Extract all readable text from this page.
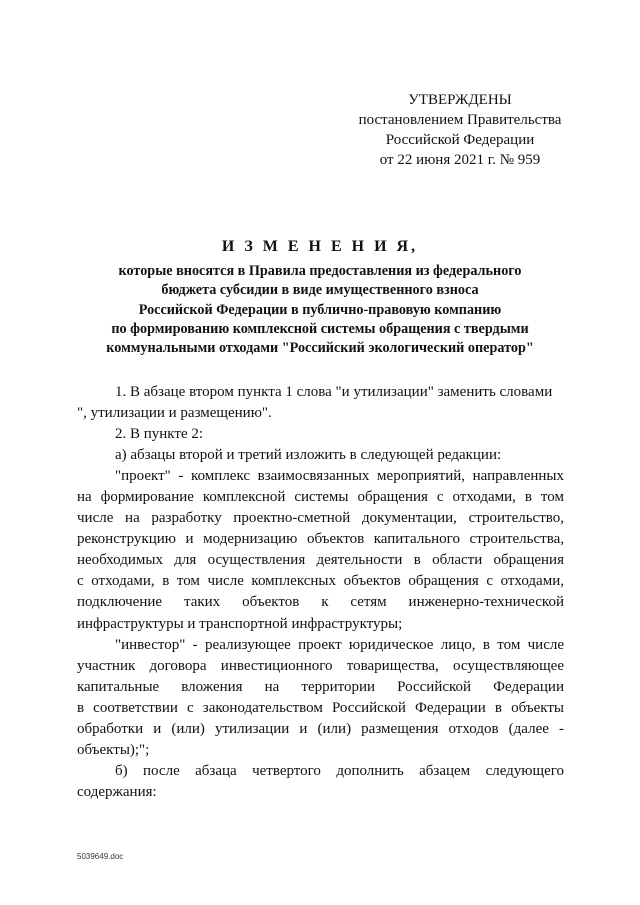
УТВЕРЖДЕНЫ
постановлением Правительства
Российской Федерации
от 22 июня 2021 г. № 959
И З М Е Н Е Н И Я,
которые вносятся в Правила предоставления из федерального
бюджета субсидии в виде имущественного взноса
Российской Федерации в публично-правовую компанию
по формированию комплексной системы обращения с твердыми
коммунальными отходами "Российский экологический оператор"
1. В абзаце втором пункта 1 слова "и утилизации" заменить словами
", утилизации и размещению".
2. В пункте 2:
а) абзацы второй и третий изложить в следующей редакции:
"проект" - комплекс взаимосвязанных мероприятий, направленных
на формирование комплексной системы обращения с отходами, в том
числе на разработку проектно-сметной документации, строительство,
реконструкцию и модернизацию объектов капитального строительства,
необходимых для осуществления деятельности в области обращения
с отходами, в том числе комплексных объектов обращения с отходами,
подключение таких объектов к сетям инженерно-технической
инфраструктуры и транспортной инфраструктуры;
"инвестор" - реализующее проект юридическое лицо, в том числе
участник договора инвестиционного товарищества, осуществляющее
капитальные вложения на территории Российской Федерации
в соответствии с законодательством Российской Федерации в объекты
обработки и (или) утилизации и (или) размещения отходов (далее -
объекты);";
б) после абзаца четвертого дополнить абзацем следующего
содержания:
5039649.doc
